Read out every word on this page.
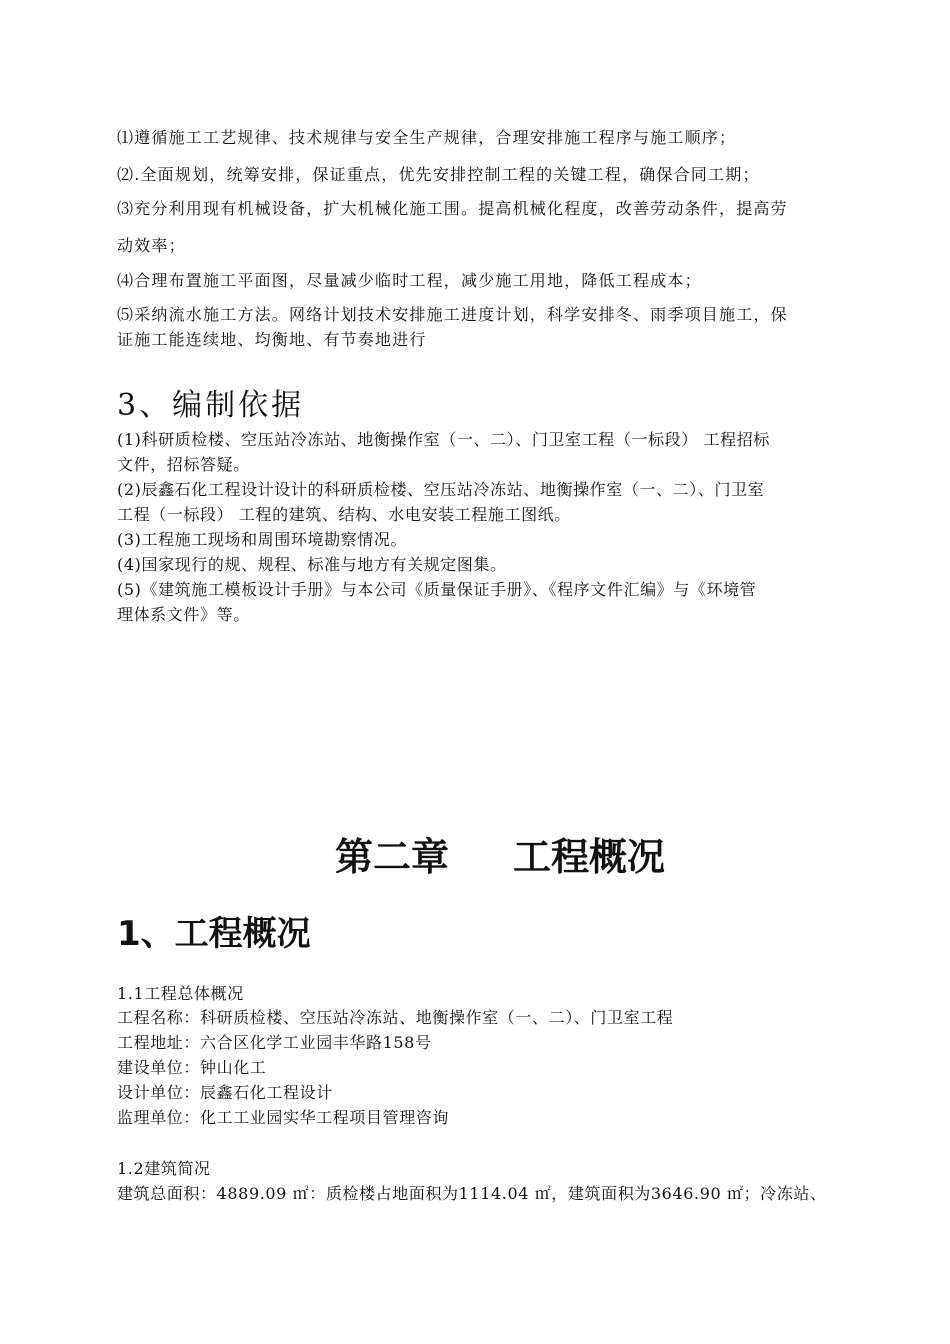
⑴遵循施工工艺规律、技术规律与安全生产规律，合理安排施工程序与施工顺序；
⑵.全面规划，统筹安排，保证重点，优先安排控制工程的关键工程，确保合同工期；
⑶充分利用现有机械设备，扩大机械化施工围。提高机械化程度，改善劳动条件，提高劳
动效率；
⑷合理布置施工平面图，尽量减少临时工程，减少施工用地，降低工程成本；
⑸采纳流水施工方法。网络计划技术安排施工进度计划，科学安排冬、雨季项目施工，保
证施工能连续地、均衡地、有节奏地进行
3、编制依据
(1)科研质检楼、空压站冷冻站、地衡操作室（一、二）、门卫室工程（一标段） 工程招标
文件，招标答疑。
(2)辰鑫石化工程设计设计的科研质检楼、空压站冷冻站、地衡操作室（一、二）、门卫室
工程（一标段） 工程的建筑、结构、水电安装工程施工图纸。
(3)工程施工现场和周围环境勘察情况。
(4)国家现行的规、规程、标准与地方有关规定图集。
(5)《建筑施工模板设计手册》与本公司《质量保证手册》、《程序文件汇编》与《环境管
理体系文件》等。
第二章 工程概况
1、工程概况
1.1工程总体概况
工程名称：科研质检楼、空压站冷冻站、地衡操作室（一、二）、门卫室工程
工程地址：六合区化学工业园丰华路158号
建设单位：钟山化工
设计单位：辰鑫石化工程设计
监理单位：化工工业园实华工程项目管理咨询
1.2建筑简况
建筑总面积：4889.09 ㎡：质检楼占地面积为1114.04 ㎡，建筑面积为3646.90 ㎡；冷冻站、
